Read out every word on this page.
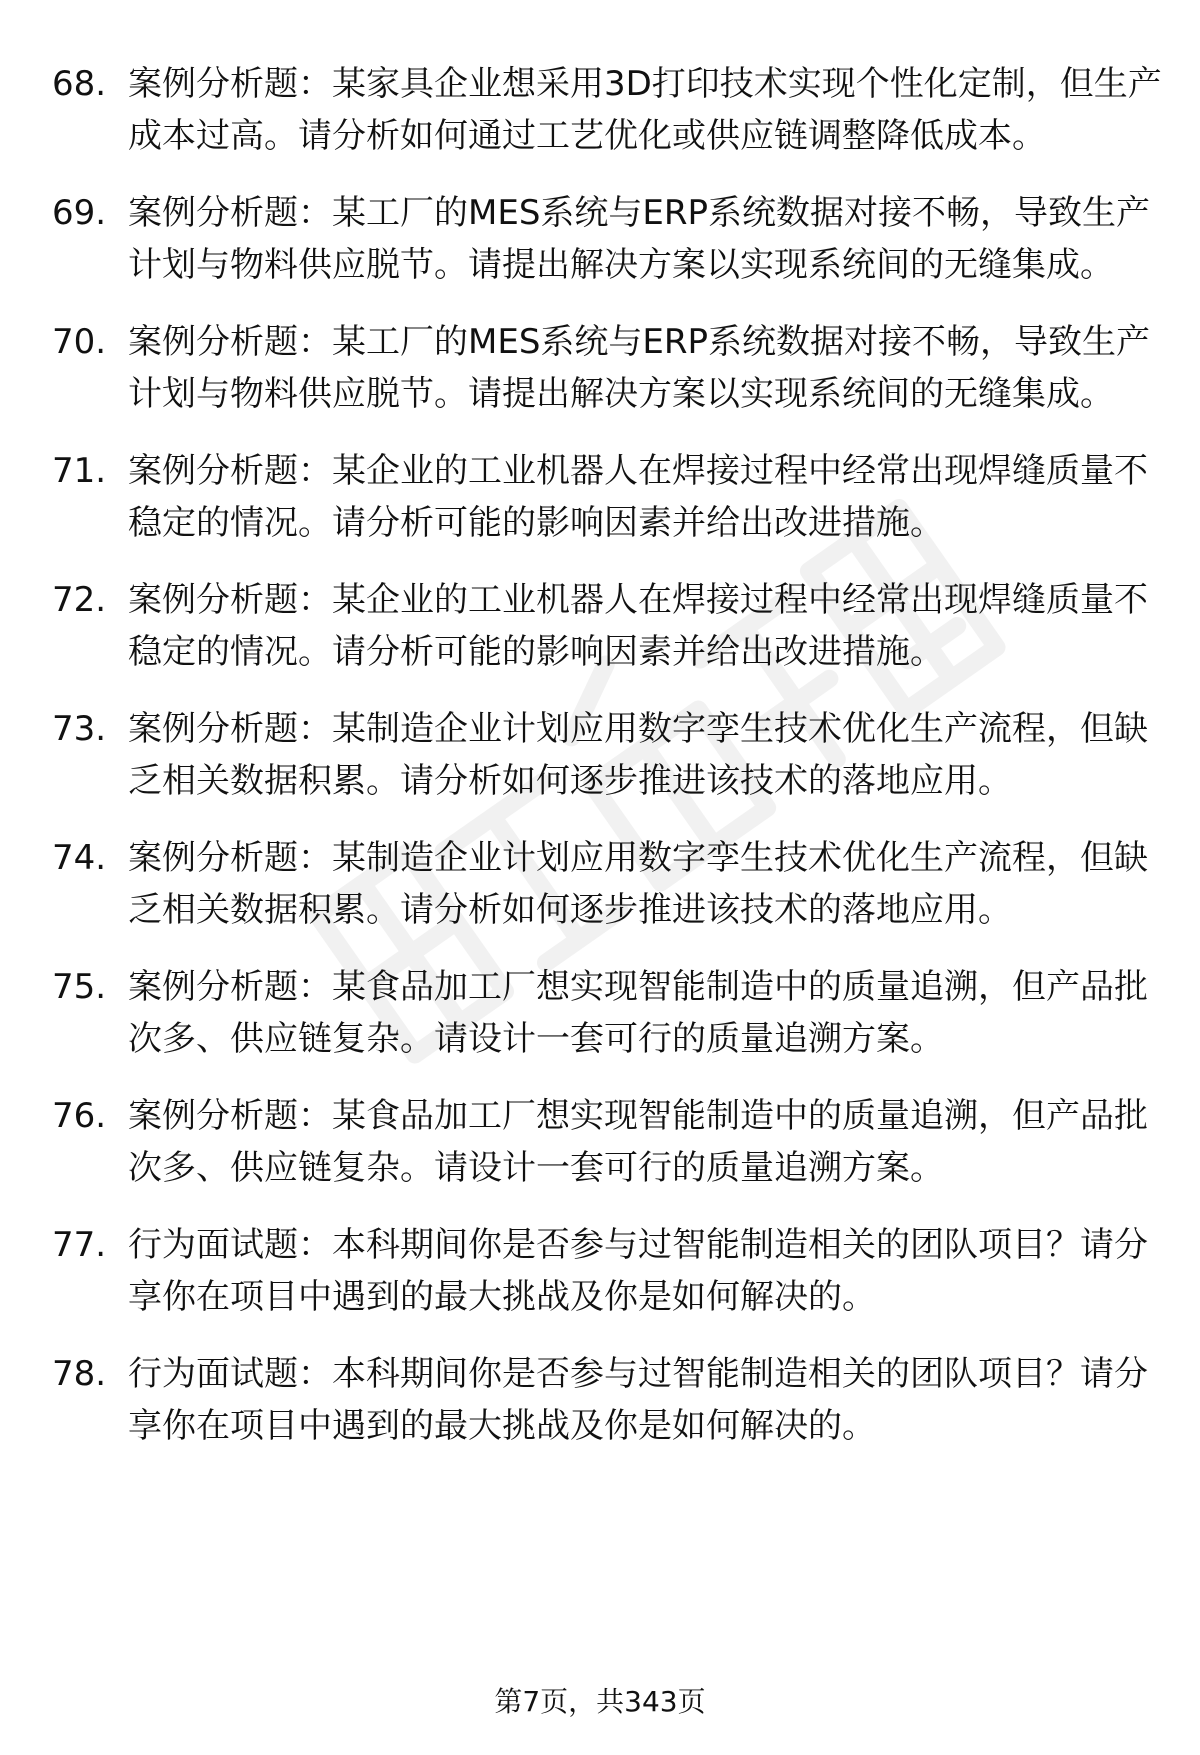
68. 案例分析题：某家具企业想采用3D打印技术实现个性化定制，但生产成本过高。请分析如何通过工艺优化或供应链调整降低成本。
69. 案例分析题：某工厂的MES系统与ERP系统数据对接不畅，导致生产计划与物料供应脱节。请提出解决方案以实现系统间的无缝集成。
70. 案例分析题：某工厂的MES系统与ERP系统数据对接不畅，导致生产计划与物料供应脱节。请提出解决方案以实现系统间的无缝集成。
71. 案例分析题：某企业的工业机器人在焊接过程中经常出现焊缝质量不稳定的情况。请分析可能的影响因素并给出改进措施。
72. 案例分析题：某企业的工业机器人在焊接过程中经常出现焊缝质量不稳定的情况。请分析可能的影响因素并给出改进措施。
73. 案例分析题：某制造企业计划应用数字孪生技术优化生产流程，但缺乏相关数据积累。请分析如何逐步推进该技术的落地应用。
74. 案例分析题：某制造企业计划应用数字孪生技术优化生产流程，但缺乏相关数据积累。请分析如何逐步推进该技术的落地应用。
75. 案例分析题：某食品加工厂想实现智能制造中的质量追溯，但产品批次多、供应链复杂。请设计一套可行的质量追溯方案。
76. 案例分析题：某食品加工厂想实现智能制造中的质量追溯，但产品批次多、供应链复杂。请设计一套可行的质量追溯方案。
77. 行为面试题：本科期间你是否参与过智能制造相关的团队项目？请分享你在项目中遇到的最大挑战及你是如何解决的。
78. 行为面试题：本科期间你是否参与过智能制造相关的团队项目？请分享你在项目中遇到的最大挑战及你是如何解决的。
第7页，共343页
